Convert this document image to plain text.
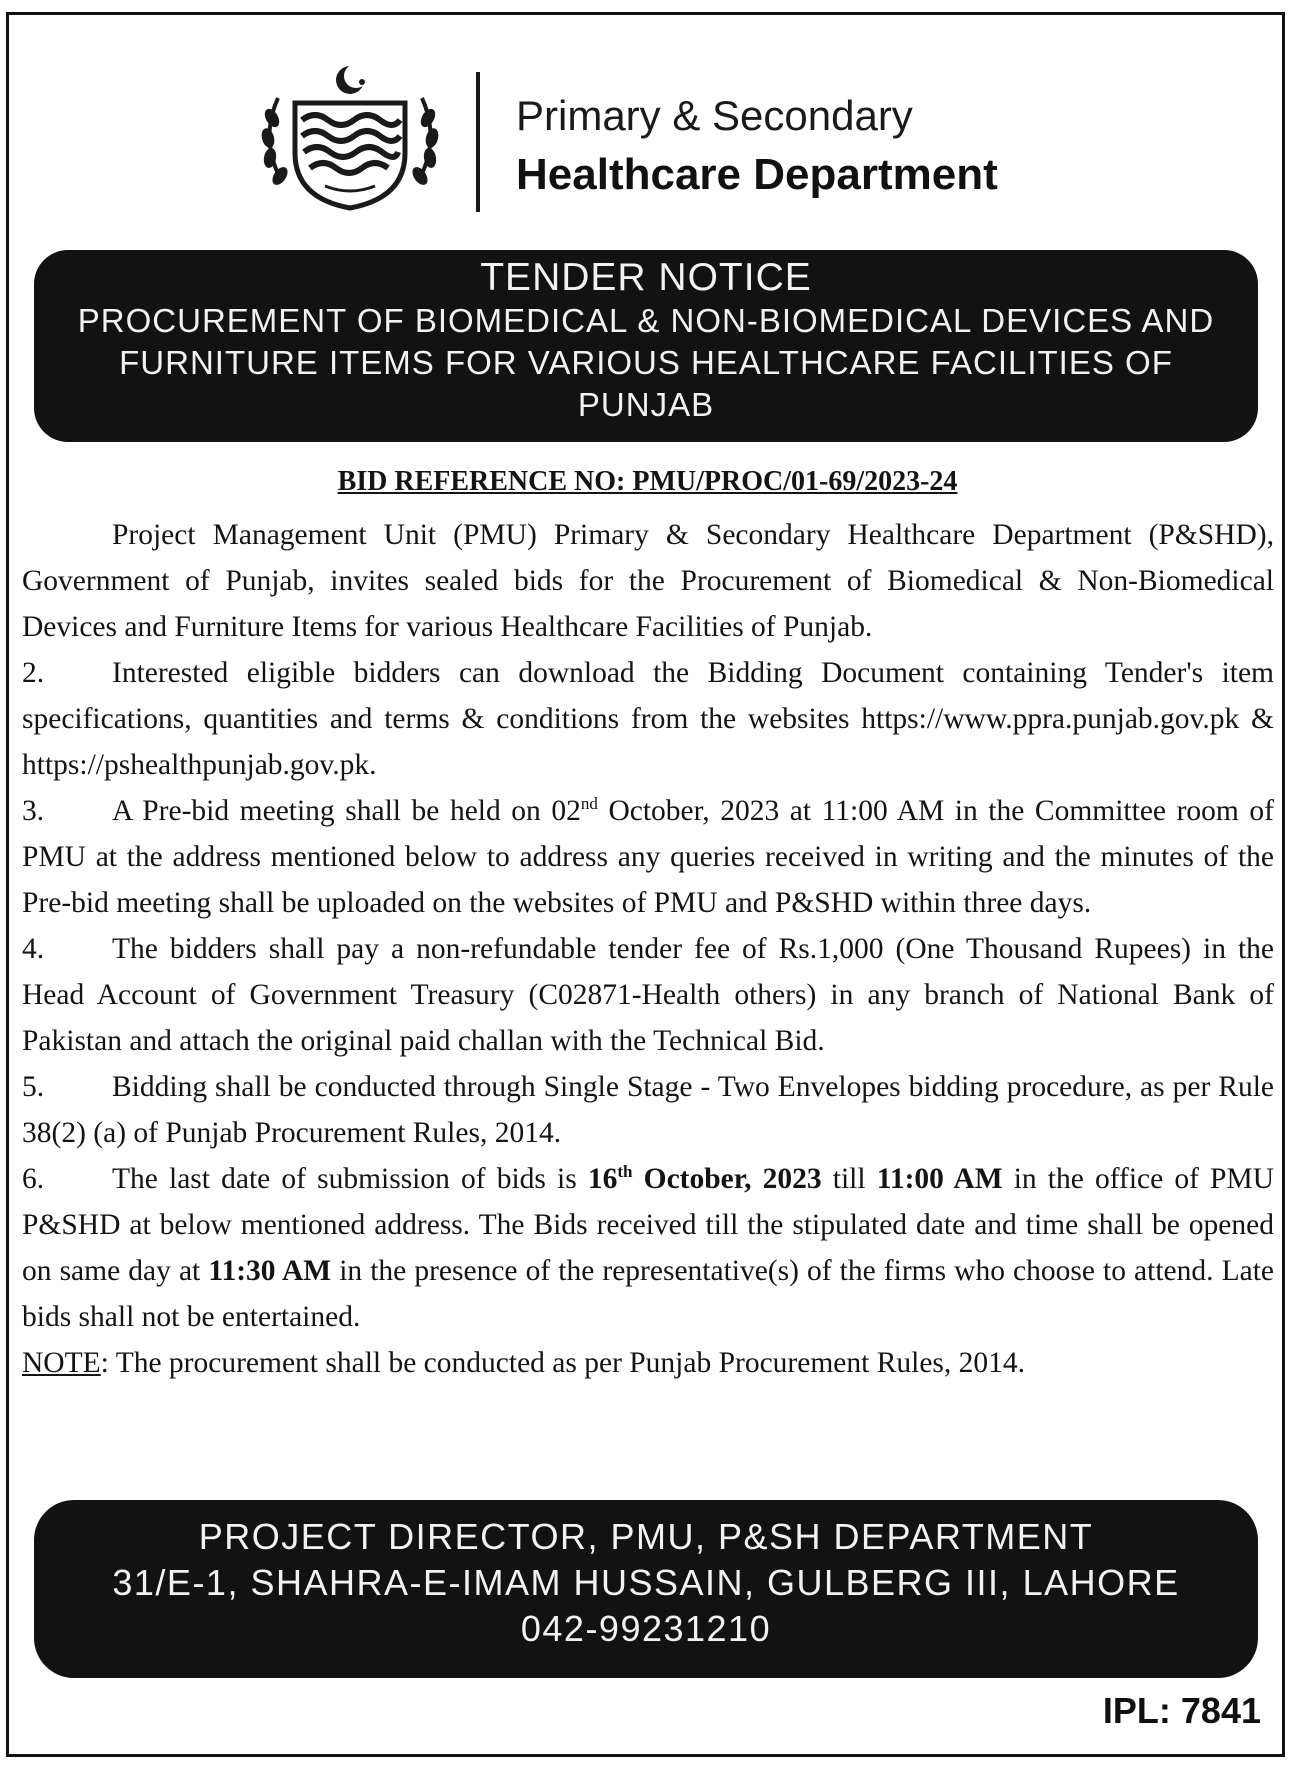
Primary & Secondary
Healthcare Department
TENDER NOTICE
PROCUREMENT OF BIOMEDICAL & NON-BIOMEDICAL DEVICES AND FURNITURE ITEMS FOR VARIOUS HEALTHCARE FACILITIES OF PUNJAB
BID REFERENCE NO: PMU/PROC/01-69/2023-24

Project Management Unit (PMU) Primary & Secondary Healthcare Department (P&SHD), Government of Punjab, invites sealed bids for the Procurement of Biomedical & Non-Biomedical Devices and Furniture Items for various Healthcare Facilities of Punjab.

2. Interested eligible bidders can download the Bidding Document containing Tender's item specifications, quantities and terms & conditions from the websites https://www.ppra.punjab.gov.pk & https://pshealthpunjab.gov.pk.

3. A Pre-bid meeting shall be held on 02nd October, 2023 at 11:00 AM in the Committee room of PMU at the address mentioned below to address any queries received in writing and the minutes of the Pre-bid meeting shall be uploaded on the websites of PMU and P&SHD within three days.

4. The bidders shall pay a non-refundable tender fee of Rs.1,000 (One Thousand Rupees) in the Head Account of Government Treasury (C02871-Health others) in any branch of National Bank of Pakistan and attach the original paid challan with the Technical Bid.

5. Bidding shall be conducted through Single Stage - Two Envelopes bidding procedure, as per Rule 38(2) (a) of Punjab Procurement Rules, 2014.

6. The last date of submission of bids is 16th October, 2023 till 11:00 AM in the office of PMU P&SHD at below mentioned address. The Bids received till the stipulated date and time shall be opened on same day at 11:30 AM in the presence of the representative(s) of the firms who choose to attend. Late bids shall not be entertained.

NOTE: The procurement shall be conducted as per Punjab Procurement Rules, 2014.

PROJECT DIRECTOR, PMU, P&SH DEPARTMENT
31/E-1, SHAHRA-E-IMAM HUSSAIN, GULBERG III, LAHORE
042-99231210
IPL: 7841
